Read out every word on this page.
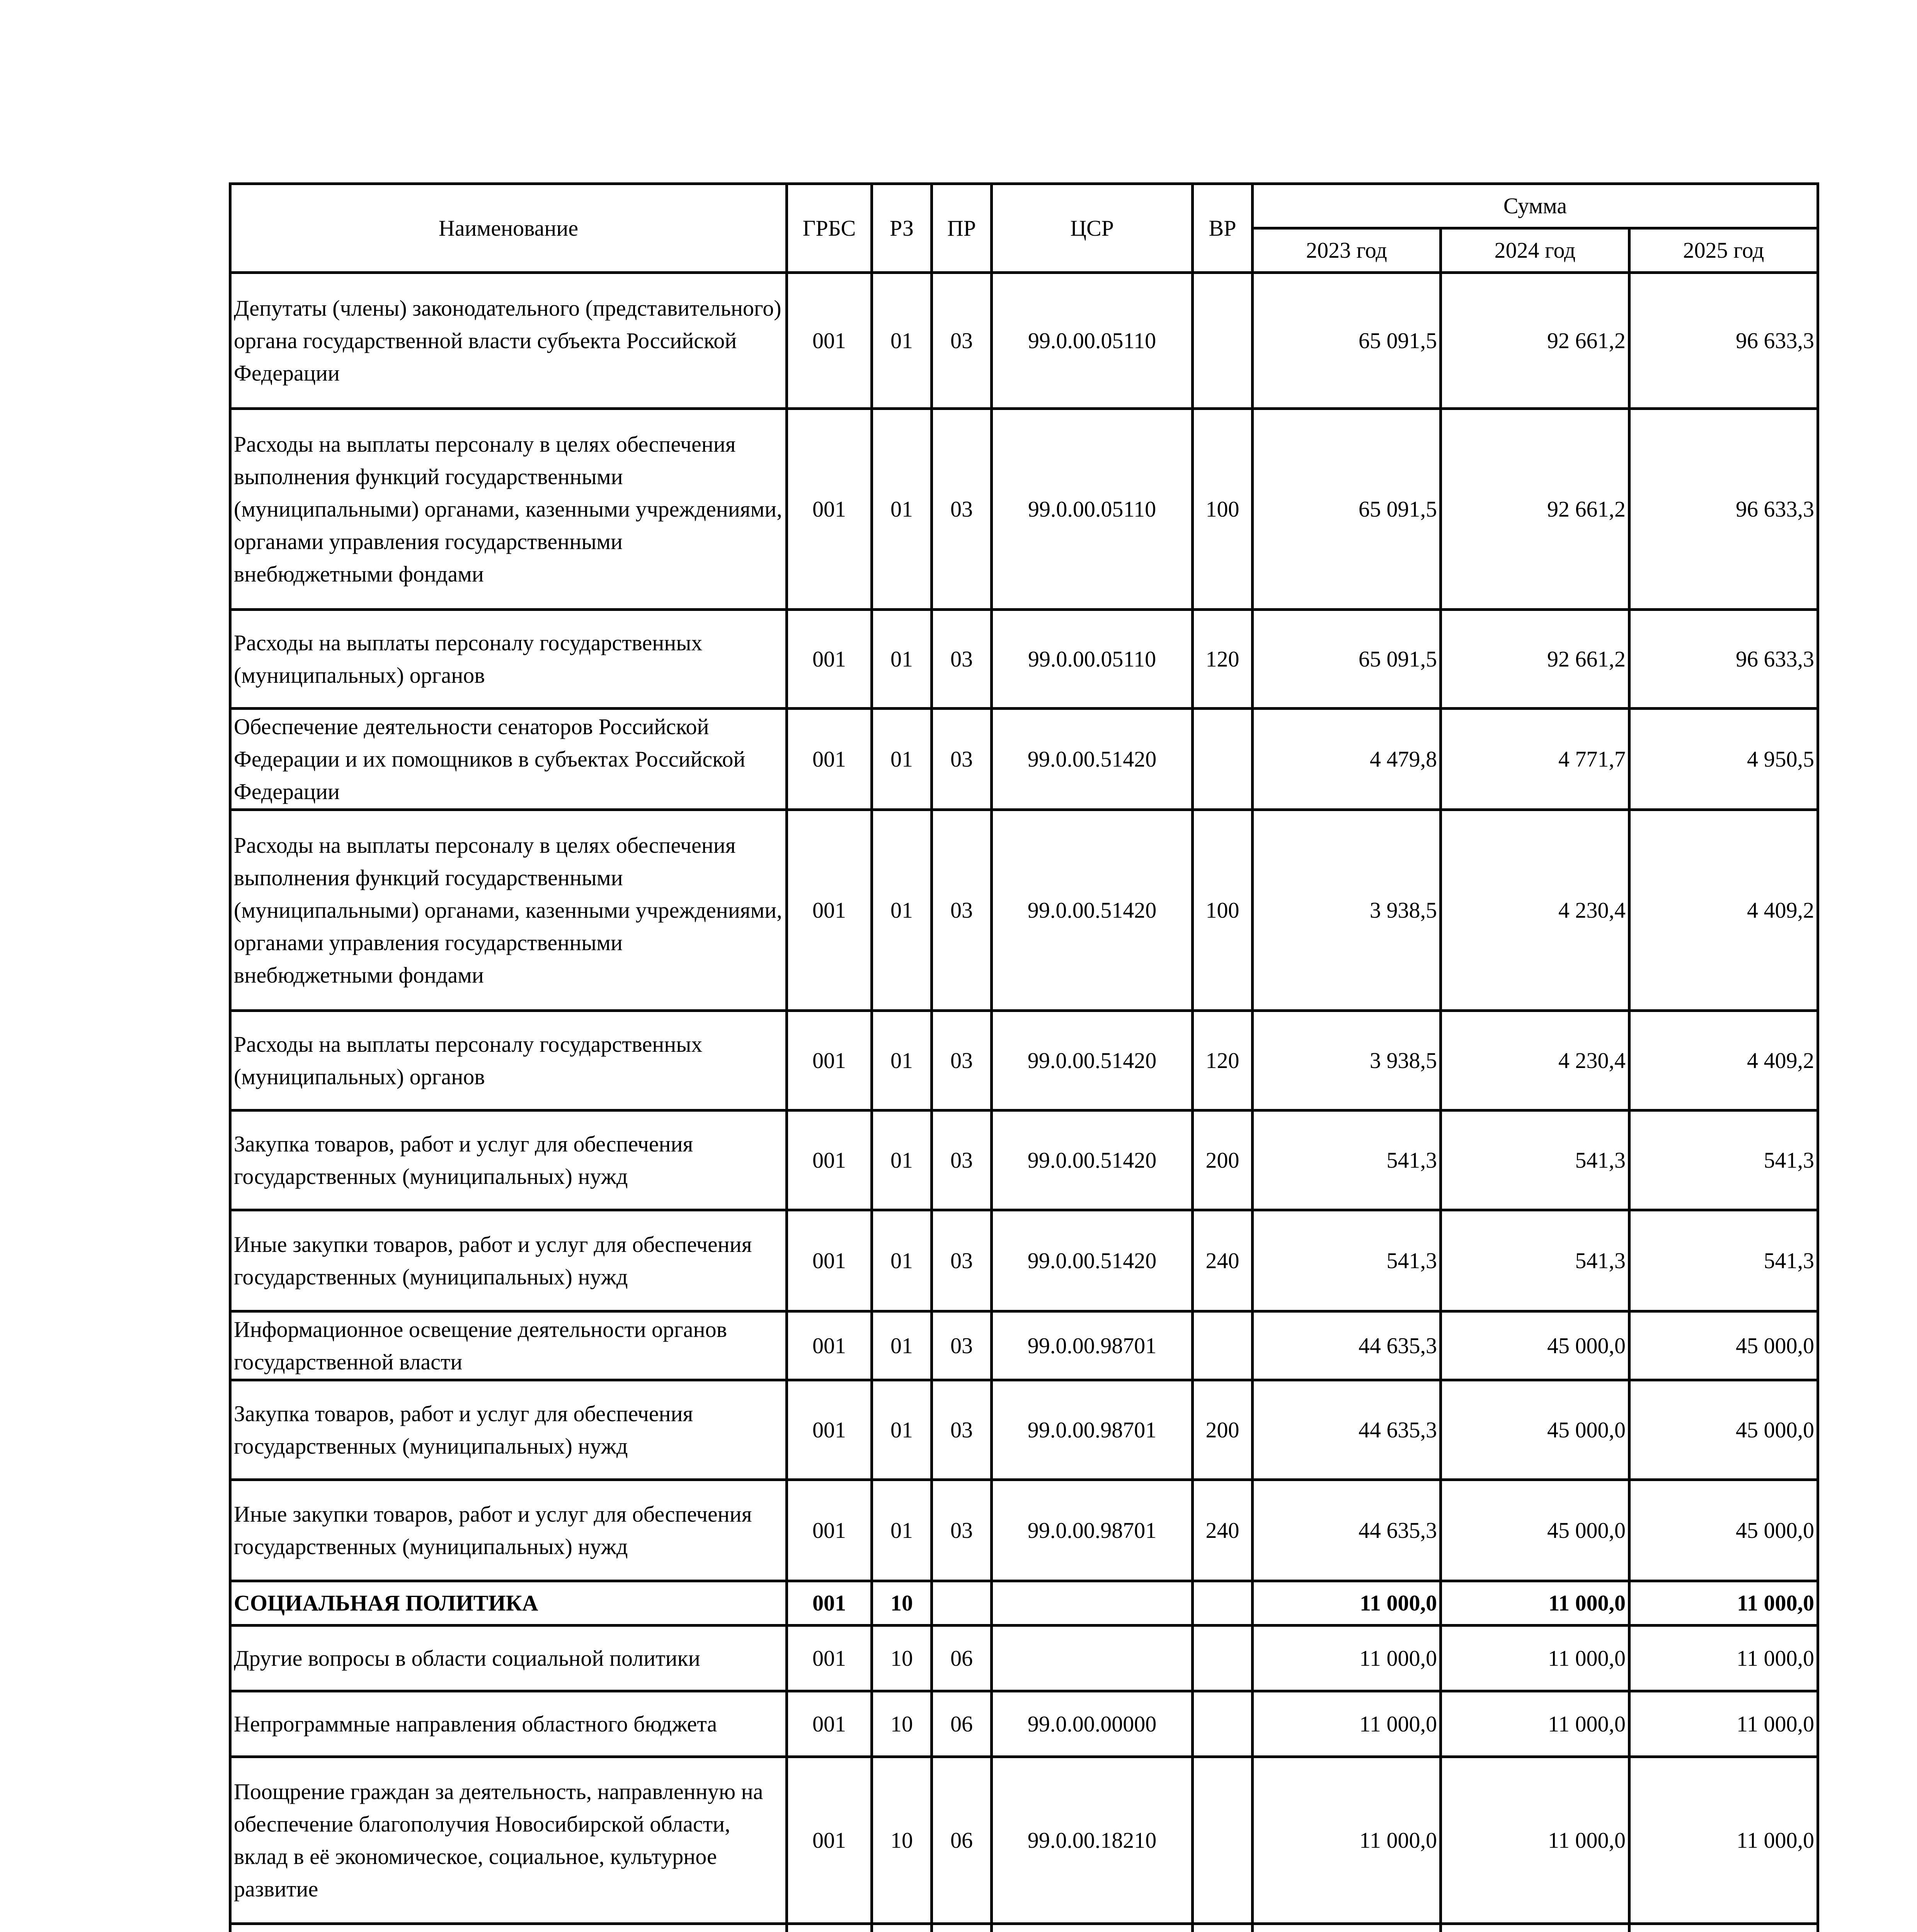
Наименование	ГРБС	РЗ	ПР	ЦСР	ВР	Сумма		
						2023 год	2024 год	2025 год
Депутаты (члены) законодательного (представительного) органа государственной власти субъекта Российской Федерации	001	01	03	99.0.00.05110		65 091,5	92 661,2	96 633,3
Расходы на выплаты персоналу в целях обеспечения выполнения функций государственными (муниципальными) органами, казенными учреждениями, органами управления государственными внебюджетными фондами	001	01	03	99.0.00.05110	100	65 091,5	92 661,2	96 633,3
Расходы на выплаты персоналу государственных (муниципальных) органов	001	01	03	99.0.00.05110	120	65 091,5	92 661,2	96 633,3
Обеспечение деятельности сенаторов Российской Федерации и их помощников в субъектах Российской Федерации	001	01	03	99.0.00.51420		4 479,8	4 771,7	4 950,5
Расходы на выплаты персоналу в целях обеспечения выполнения функций государственными (муниципальными) органами, казенными учреждениями, органами управления государственными внебюджетными фондами	001	01	03	99.0.00.51420	100	3 938,5	4 230,4	4 409,2
Расходы на выплаты персоналу государственных (муниципальных) органов	001	01	03	99.0.00.51420	120	3 938,5	4 230,4	4 409,2
Закупка товаров, работ и услуг для обеспечения государственных (муниципальных) нужд	001	01	03	99.0.00.51420	200	541,3	541,3	541,3
Иные закупки товаров, работ и услуг для обеспечения государственных (муниципальных) нужд	001	01	03	99.0.00.51420	240	541,3	541,3	541,3
Информационное освещение деятельности органов государственной власти	001	01	03	99.0.00.98701		44 635,3	45 000,0	45 000,0
Закупка товаров, работ и услуг для обеспечения государственных (муниципальных) нужд	001	01	03	99.0.00.98701	200	44 635,3	45 000,0	45 000,0
Иные закупки товаров, работ и услуг для обеспечения государственных (муниципальных) нужд	001	01	03	99.0.00.98701	240	44 635,3	45 000,0	45 000,0
СОЦИАЛЬНАЯ ПОЛИТИКА	001	10				11 000,0	11 000,0	11 000,0
Другие вопросы в области социальной политики	001	10	06			11 000,0	11 000,0	11 000,0
Непрограммные направления областного бюджета	001	10	06	99.0.00.00000		11 000,0	11 000,0	11 000,0
Поощрение граждан за деятельность, направленную на обеспечение благополучия Новосибирской области, вклад в её экономическое, социальное, культурное развитие	001	10	06	99.0.00.18210		11 000,0	11 000,0	11 000,0
